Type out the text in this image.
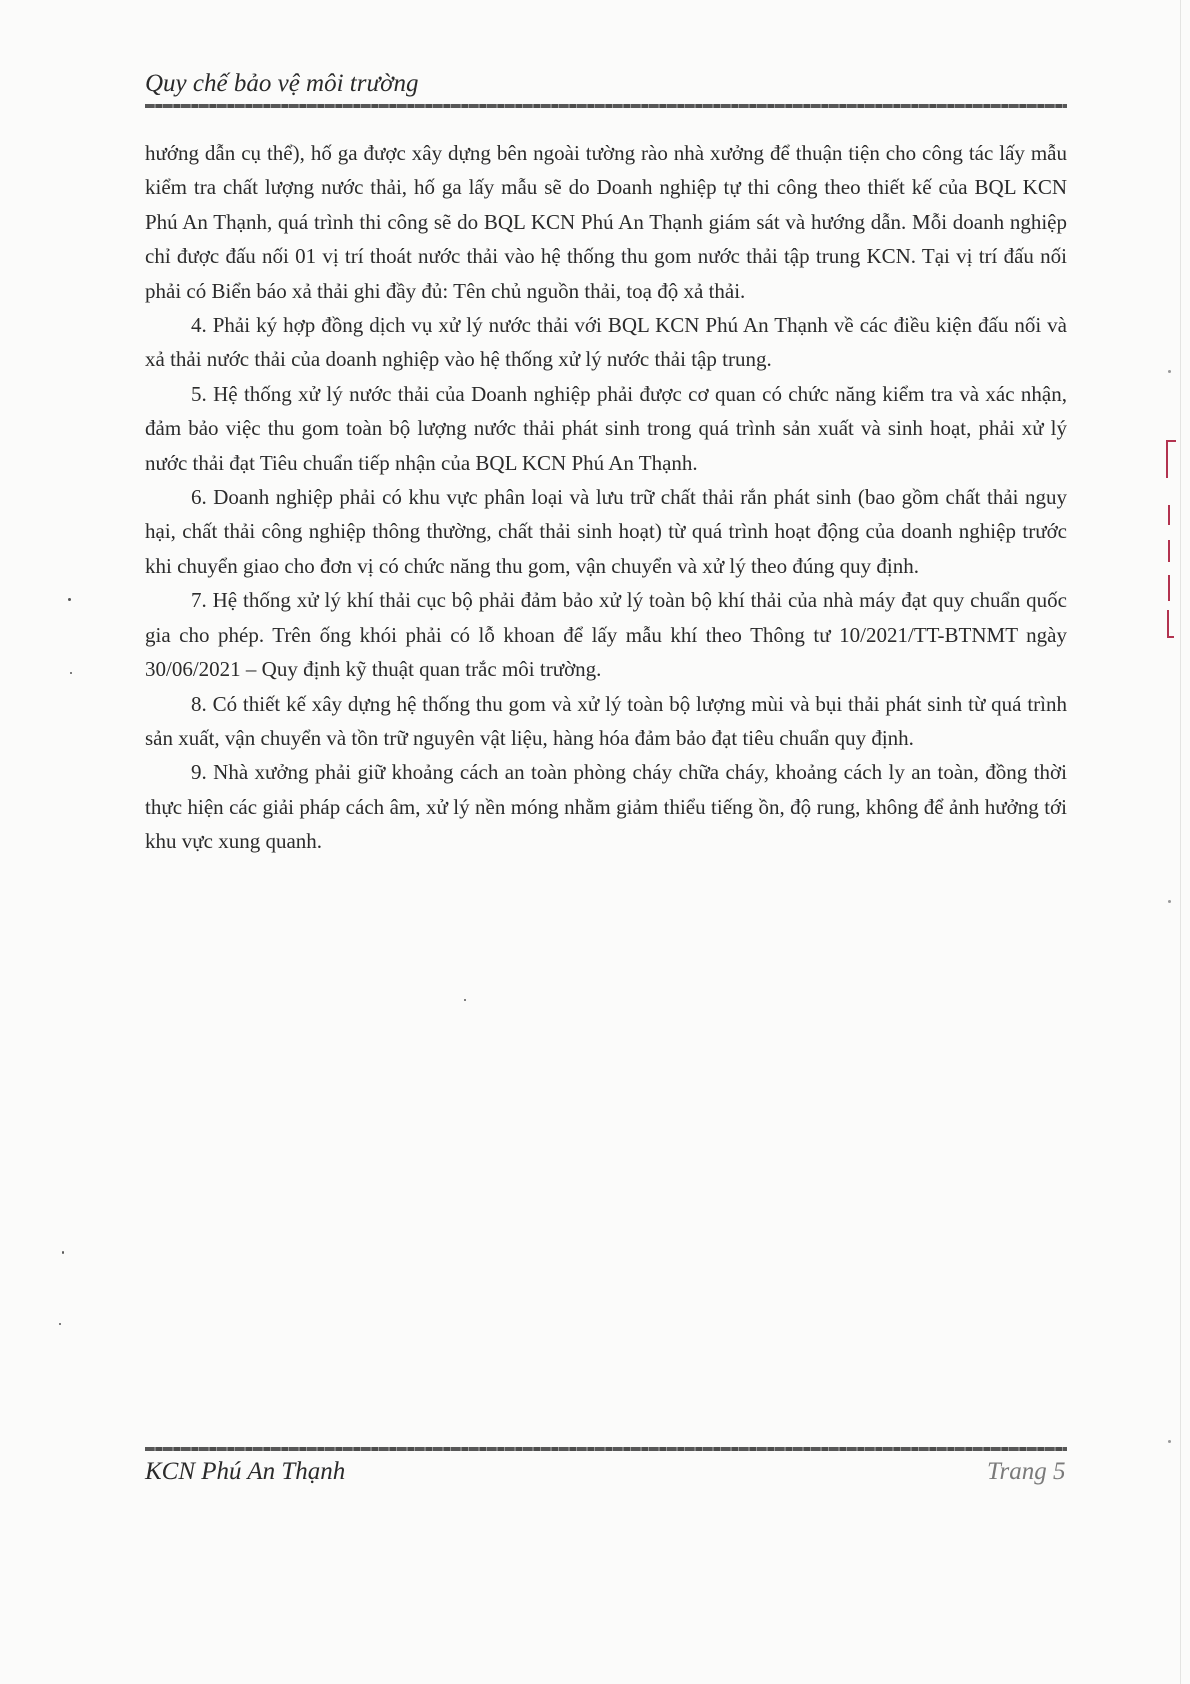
Quy chế bảo vệ môi trường

hướng dẫn cụ thể), hố ga được xây dựng bên ngoài tường rào nhà xưởng để thuận tiện cho công tác lấy mẫu kiểm tra chất lượng nước thải, hố ga lấy mẫu sẽ do Doanh nghiệp tự thi công theo thiết kế của BQL KCN Phú An Thạnh, quá trình thi công sẽ do BQL KCN Phú An Thạnh giám sát và hướng dẫn. Mỗi doanh nghiệp chỉ được đấu nối 01 vị trí thoát nước thải vào hệ thống thu gom nước thải tập trung KCN. Tại vị trí đấu nối phải có Biển báo xả thải ghi đầy đủ: Tên chủ nguồn thải, toạ độ xả thải.

4. Phải ký hợp đồng dịch vụ xử lý nước thải với BQL KCN Phú An Thạnh về các điều kiện đấu nối và xả thải nước thải của doanh nghiệp vào hệ thống xử lý nước thải tập trung.

5. Hệ thống xử lý nước thải của Doanh nghiệp phải được cơ quan có chức năng kiểm tra và xác nhận, đảm bảo việc thu gom toàn bộ lượng nước thải phát sinh trong quá trình sản xuất và sinh hoạt, phải xử lý nước thải đạt Tiêu chuẩn tiếp nhận của BQL KCN Phú An Thạnh.

6. Doanh nghiệp phải có khu vực phân loại và lưu trữ chất thải rắn phát sinh (bao gồm chất thải nguy hại, chất thải công nghiệp thông thường, chất thải sinh hoạt) từ quá trình hoạt động của doanh nghiệp trước khi chuyển giao cho đơn vị có chức năng thu gom, vận chuyển và xử lý theo đúng quy định.

7. Hệ thống xử lý khí thải cục bộ phải đảm bảo xử lý toàn bộ khí thải của nhà máy đạt quy chuẩn quốc gia cho phép. Trên ống khói phải có lỗ khoan để lấy mẫu khí theo Thông tư 10/2021/TT-BTNMT ngày 30/06/2021 – Quy định kỹ thuật quan trắc môi trường.

8. Có thiết kế xây dựng hệ thống thu gom và xử lý toàn bộ lượng mùi và bụi thải phát sinh từ quá trình sản xuất, vận chuyển và tồn trữ nguyên vật liệu, hàng hóa đảm bảo đạt tiêu chuẩn quy định.

9. Nhà xưởng phải giữ khoảng cách an toàn phòng cháy chữa cháy, khoảng cách ly an toàn, đồng thời thực hiện các giải pháp cách âm, xử lý nền móng nhằm giảm thiểu tiếng ồn, độ rung, không để ảnh hưởng tới khu vực xung quanh.

KCN Phú An Thạnh	Trang 5
